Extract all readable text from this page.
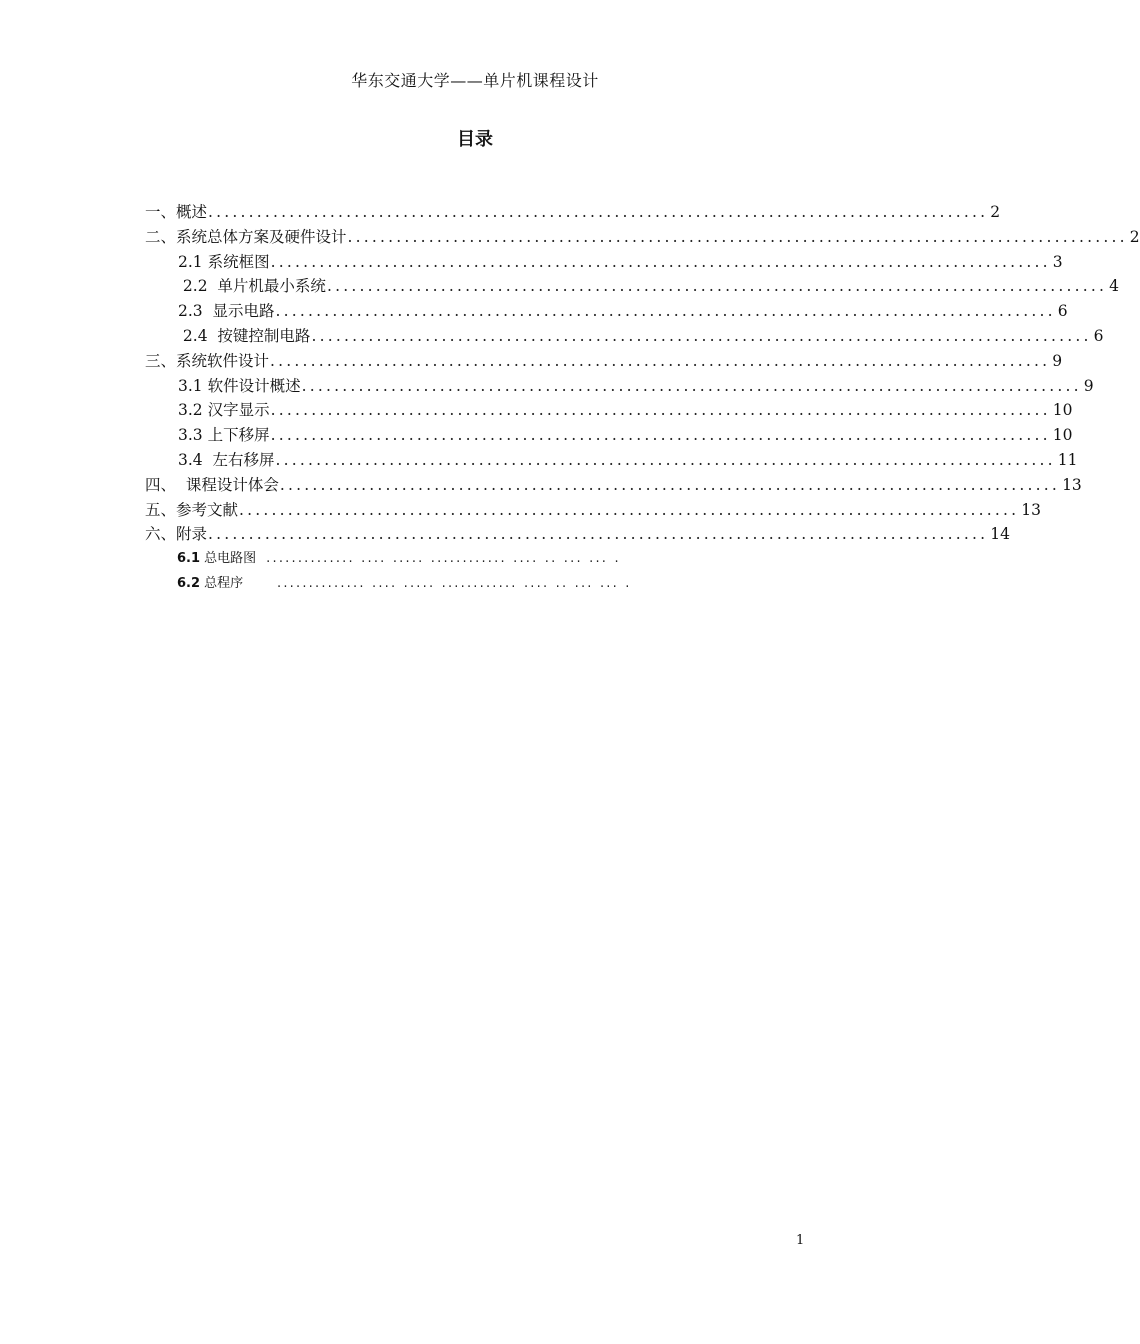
华东交通大学——单片机课程设计
目录
一、概述 ................................................................................................ 2
二、系统总体方案及硬件设计 ................................................................................................ 2
2.1 系统框图 ................................................................................................ 3
2.2  单片机最小系统 ................................................................................................ 4
2.3  显示电路 ................................................................................................ 6
2.4  按键控制电路 ................................................................................................ 6
三、系统软件设计 ................................................................................................ 9
3.1 软件设计概述 ................................................................................................ 9
3.2 汉字显示 ................................................................................................ 10
3.3 上下移屏 ................................................................................................ 10
3.4  左右移屏 ................................................................................................ 11
四、  课程设计体会 ................................................................................................ 13
五、参考文献 ................................................................................................ 13
六、附录 ................................................................................................ 14
6.1 总电路图 .............. .... ..... ............ .... .. ... ... .
6.2 总程序	.............. .... ..... ............ .... .. ... ... .
1
